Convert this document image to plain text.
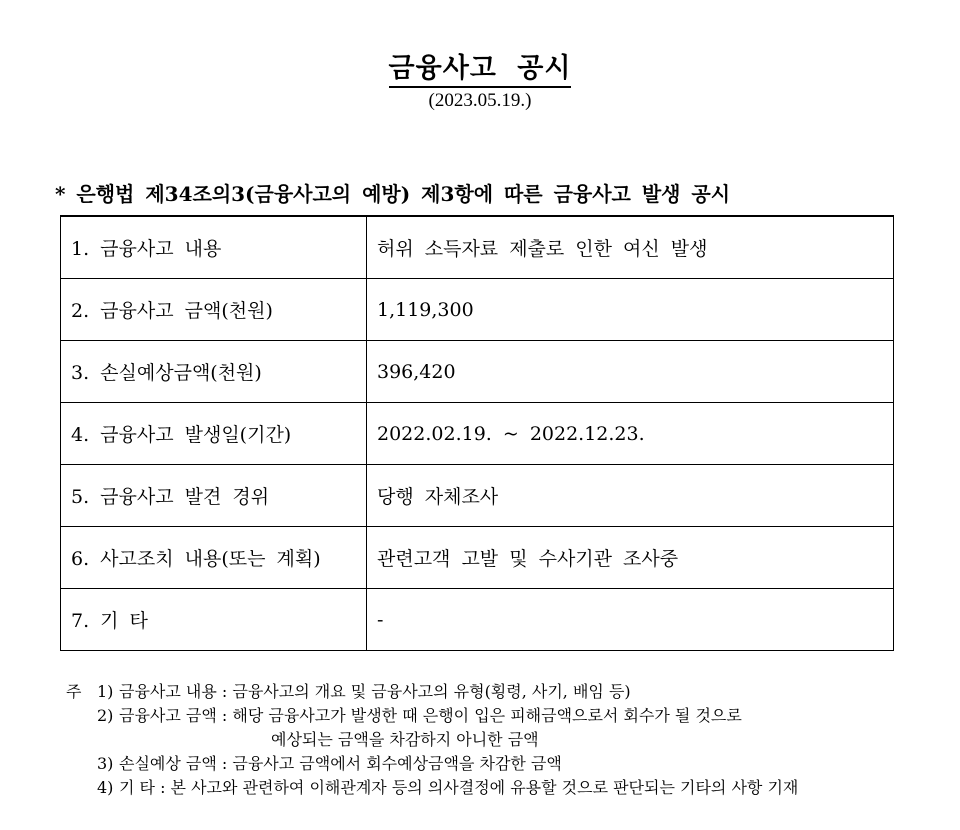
금융사고 공시
(2023.05.19.)
* 은행법 제34조의3(금융사고의 예방) 제3항에 따른 금융사고 발생 공시
1. 금융사고 내용	허위 소득자료 제출로 인한 여신 발생
2. 금융사고 금액(천원)	1,119,300
3. 손실예상금액(천원)	396,420
4. 금융사고 발생일(기간)	2022.02.19. ~ 2022.12.23.
5. 금융사고 발견 경위	당행 자체조사
6. 사고조치 내용(또는 계획)	관련고객 고발 및 수사기관 조사중
7. 기 타	-
주 1) 금융사고 내용 : 금융사고의 개요 및 금융사고의 유형(횡령, 사기, 배임 등)
2) 금융사고 금액 : 해당 금융사고가 발생한 때 은행이 입은 피해금액으로서 회수가 될 것으로
예상되는 금액을 차감하지 아니한 금액
3) 손실예상 금액 : 금융사고 금액에서 회수예상금액을 차감한 금액
4) 기 타 : 본 사고와 관련하여 이해관계자 등의 의사결정에 유용할 것으로 판단되는 기타의 사항 기재
